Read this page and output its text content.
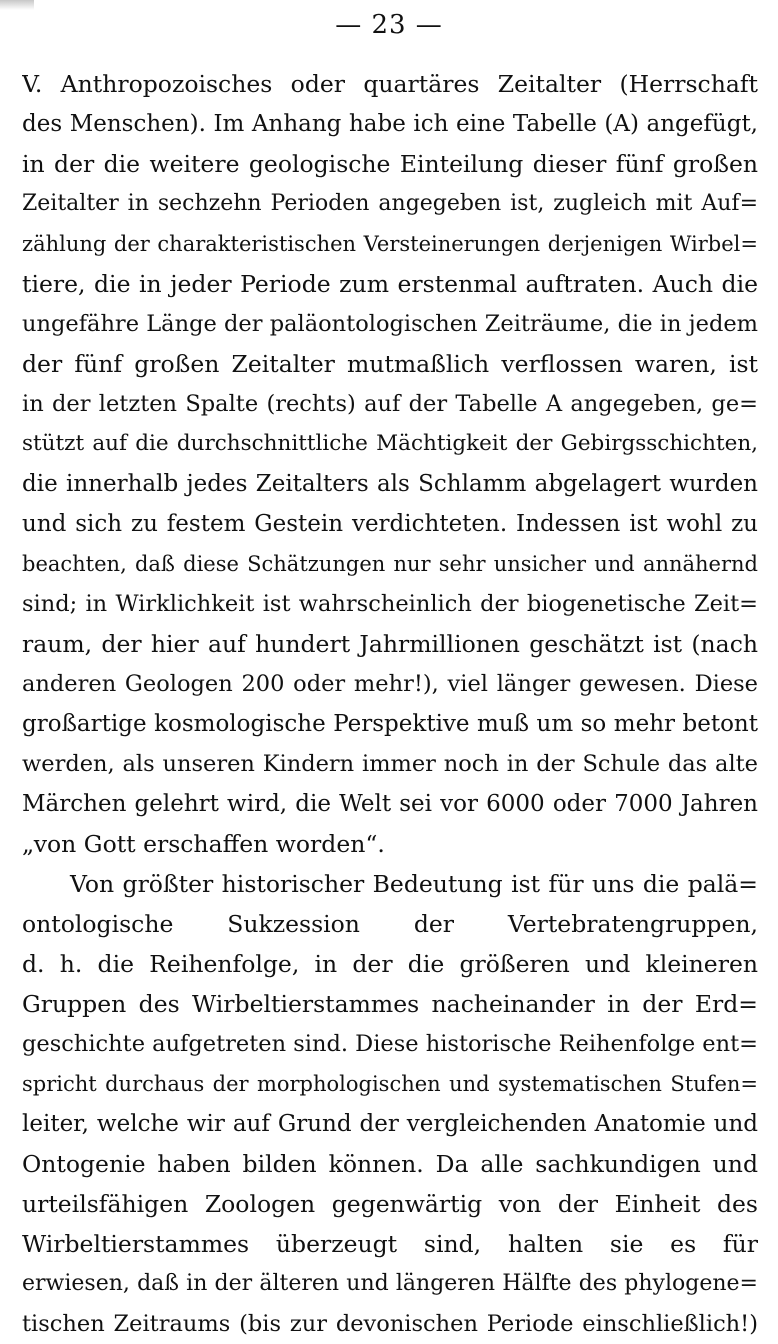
— 23 —
V. Anthropozoisches oder quartäres Zeitalter (Herrschaft
des Menschen). Im Anhang habe ich eine Tabelle (A) angefügt,
in der die weitere geologische Einteilung dieser fünf großen
Zeitalter in sechzehn Perioden angegeben ist, zugleich mit Auf=
zählung der charakteristischen Versteinerungen derjenigen Wirbel=
tiere, die in jeder Periode zum erstenmal auftraten. Auch die
ungefähre Länge der paläontologischen Zeiträume, die in jedem
der fünf großen Zeitalter mutmaßlich verflossen waren, ist
in der letzten Spalte (rechts) auf der Tabelle A angegeben, ge=
stützt auf die durchschnittliche Mächtigkeit der Gebirgsschichten,
die innerhalb jedes Zeitalters als Schlamm abgelagert wurden
und sich zu festem Gestein verdichteten. Indessen ist wohl zu
beachten, daß diese Schätzungen nur sehr unsicher und annähernd
sind; in Wirklichkeit ist wahrscheinlich der biogenetische Zeit=
raum, der hier auf hundert Jahrmillionen geschätzt ist (nach
anderen Geologen 200 oder mehr!), viel länger gewesen. Diese
großartige kosmologische Perspektive muß um so mehr betont
werden, als unseren Kindern immer noch in der Schule das alte
Märchen gelehrt wird, die Welt sei vor 6000 oder 7000 Jahren
„von Gott erschaffen worden“.
Von größter historischer Bedeutung ist für uns die palä=
ontologische Sukzession der Vertebratengruppen,
d. h. die Reihenfolge, in der die größeren und kleineren
Gruppen des Wirbeltierstammes nacheinander in der Erd=
geschichte aufgetreten sind. Diese historische Reihenfolge ent=
spricht durchaus der morphologischen und systematischen Stufen=
leiter, welche wir auf Grund der vergleichenden Anatomie und
Ontogenie haben bilden können. Da alle sachkundigen und
urteilsfähigen Zoologen gegenwärtig von der Einheit des
Wirbeltierstammes überzeugt sind, halten sie es für
erwiesen, daß in der älteren und längeren Hälfte des phylogene=
tischen Zeitraums (bis zur devonischen Periode einschließlich!)
